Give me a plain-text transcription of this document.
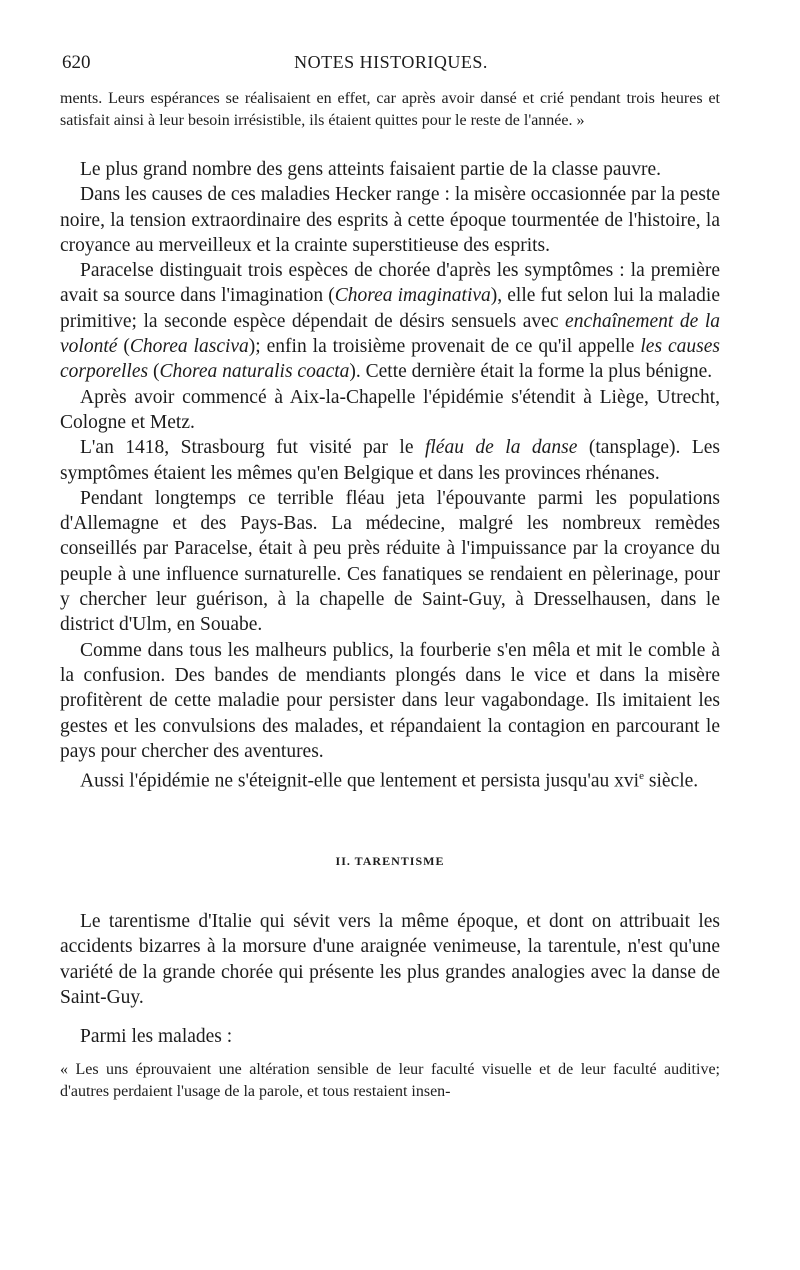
620	NOTES HISTORIQUES.

ments. Leurs espérances se réalisaient en effet, car après avoir dansé et crié pendant trois heures et satisfait ainsi à leur besoin irrésistible, ils étaient quittes pour le reste de l'année. »

Le plus grand nombre des gens atteints faisaient partie de la classe pauvre.

Dans les causes de ces maladies Hecker range : la misère occasionnée par la peste noire, la tension extraordinaire des esprits à cette époque tourmentée de l'histoire, la croyance au merveilleux et la crainte superstitieuse des esprits.

Paracelse distinguait trois espèces de chorée d'après les symptômes : la première avait sa source dans l'imagination (Chorea imaginativa), elle fut selon lui la maladie primitive; la seconde espèce dépendait de désirs sensuels avec enchaînement de la volonté (Chorea lasciva); enfin la troisième provenait de ce qu'il appelle les causes corporelles (Chorea naturalis coacta). Cette dernière était la forme la plus bénigne.

Après avoir commencé à Aix-la-Chapelle l'épidémie s'étendit à Liège, Utrecht, Cologne et Metz.

L'an 1418, Strasbourg fut visité par le fléau de la danse (tansplage). Les symptômes étaient les mêmes qu'en Belgique et dans les provinces rhénanes.

Pendant longtemps ce terrible fléau jeta l'épouvante parmi les populations d'Allemagne et des Pays-Bas. La médecine, malgré les nombreux remèdes conseillés par Paracelse, était à peu près réduite à l'impuissance par la croyance du peuple à une influence surnaturelle. Ces fanatiques se rendaient en pèlerinage, pour y chercher leur guérison, à la chapelle de Saint-Guy, à Dresselhausen, dans le district d'Ulm, en Souabe.

Comme dans tous les malheurs publics, la fourberie s'en mêla et mit le comble à la confusion. Des bandes de mendiants plongés dans le vice et dans la misère profitèrent de cette maladie pour persister dans leur vagabondage. Ils imitaient les gestes et les convulsions des malades, et répandaient la contagion en parcourant le pays pour chercher des aventures.

Aussi l'épidémie ne s'éteignit-elle que lentement et persista jusqu'au xvi$^e$ siècle.

II. TARENTISME

Le tarentisme d'Italie qui sévit vers la même époque, et dont on attribuait les accidents bizarres à la morsure d'une araignée venimeuse, la tarentule, n'est qu'une variété de la grande chorée qui présente les plus grandes analogies avec la danse de Saint-Guy.

Parmi les malades :

« Les uns éprouvaient une altération sensible de leur faculté visuelle et de leur faculté auditive; d'autres perdaient l'usage de la parole, et tous restaient insen-
